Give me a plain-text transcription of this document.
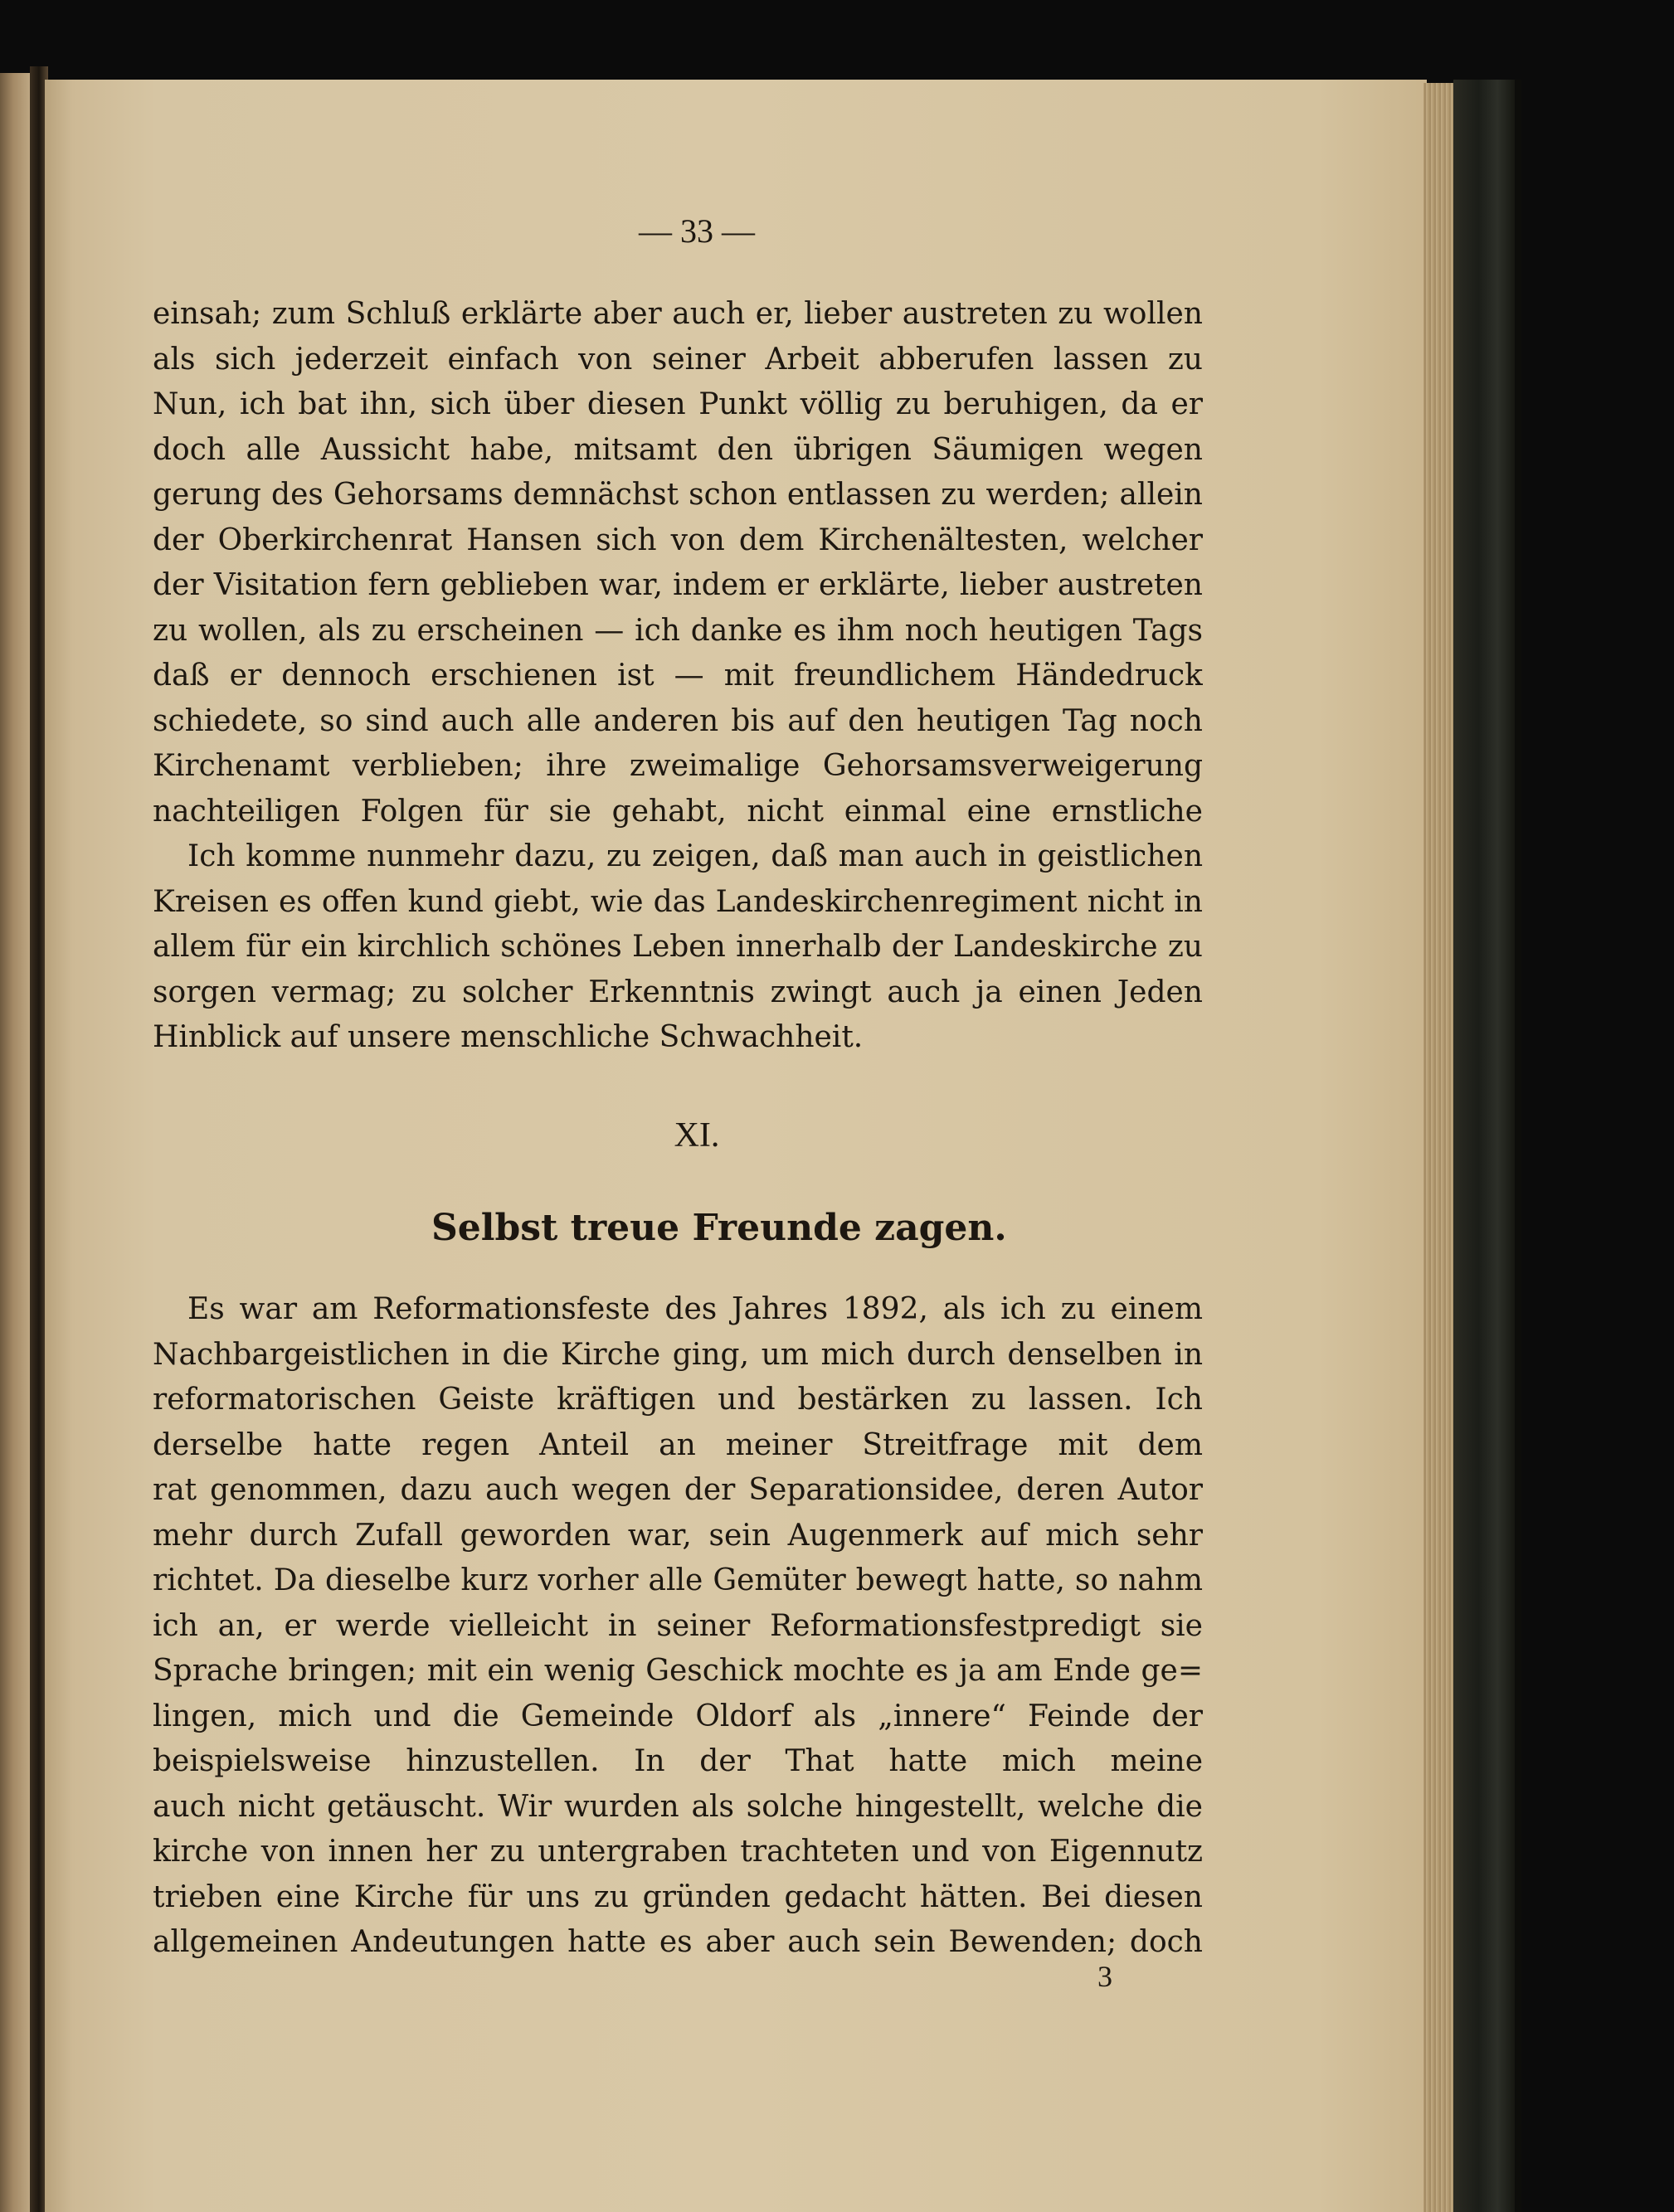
— 33 —
einsah; zum Schluß erklärte aber auch er, lieber austreten zu wollen
als sich jederzeit einfach von seiner Arbeit abberufen lassen zu
Nun, ich bat ihn, sich über diesen Punkt völlig zu beruhigen, da er
doch alle Aussicht habe, mitsamt den übrigen Säumigen wegen
gerung des Gehorsams demnächst schon entlassen zu werden; allein
der Oberkirchenrat Hansen sich von dem Kirchenältesten, welcher
der Visitation fern geblieben war, indem er erklärte, lieber austreten
zu wollen, als zu erscheinen — ich danke es ihm noch heutigen Tags
daß er dennoch erschienen ist — mit freundlichem Händedruck
schiedete, so sind auch alle anderen bis auf den heutigen Tag noch
Kirchenamt verblieben; ihre zweimalige Gehorsamsverweigerung
nachteiligen Folgen für sie gehabt, nicht einmal eine ernstliche
Ich komme nunmehr dazu, zu zeigen, daß man auch in geistlichen
Kreisen es offen kund giebt, wie das Landeskirchenregiment nicht in
allem für ein kirchlich schönes Leben innerhalb der Landeskirche zu
sorgen vermag; zu solcher Erkenntnis zwingt auch ja einen Jeden
Hinblick auf unsere menschliche Schwachheit.
XI.
Selbst treue Freunde zagen.
Es war am Reformationsfeste des Jahres 1892, als ich zu einem
Nachbargeistlichen in die Kirche ging, um mich durch denselben in
reformatorischen Geiste kräftigen und bestärken zu lassen. Ich
derselbe hatte regen Anteil an meiner Streitfrage mit dem
rat genommen, dazu auch wegen der Separationsidee, deren Autor
mehr durch Zufall geworden war, sein Augenmerk auf mich sehr
richtet. Da dieselbe kurz vorher alle Gemüter bewegt hatte, so nahm
ich an, er werde vielleicht in seiner Reformationsfestpredigt sie
Sprache bringen; mit ein wenig Geschick mochte es ja am Ende ge=
lingen, mich und die Gemeinde Oldorf als „innere“ Feinde der
beispielsweise hinzustellen. In der That hatte mich meine
auch nicht getäuscht. Wir wurden als solche hingestellt, welche die
kirche von innen her zu untergraben trachteten und von Eigennutz
trieben eine Kirche für uns zu gründen gedacht hätten. Bei diesen
allgemeinen Andeutungen hatte es aber auch sein Bewenden; doch
3
